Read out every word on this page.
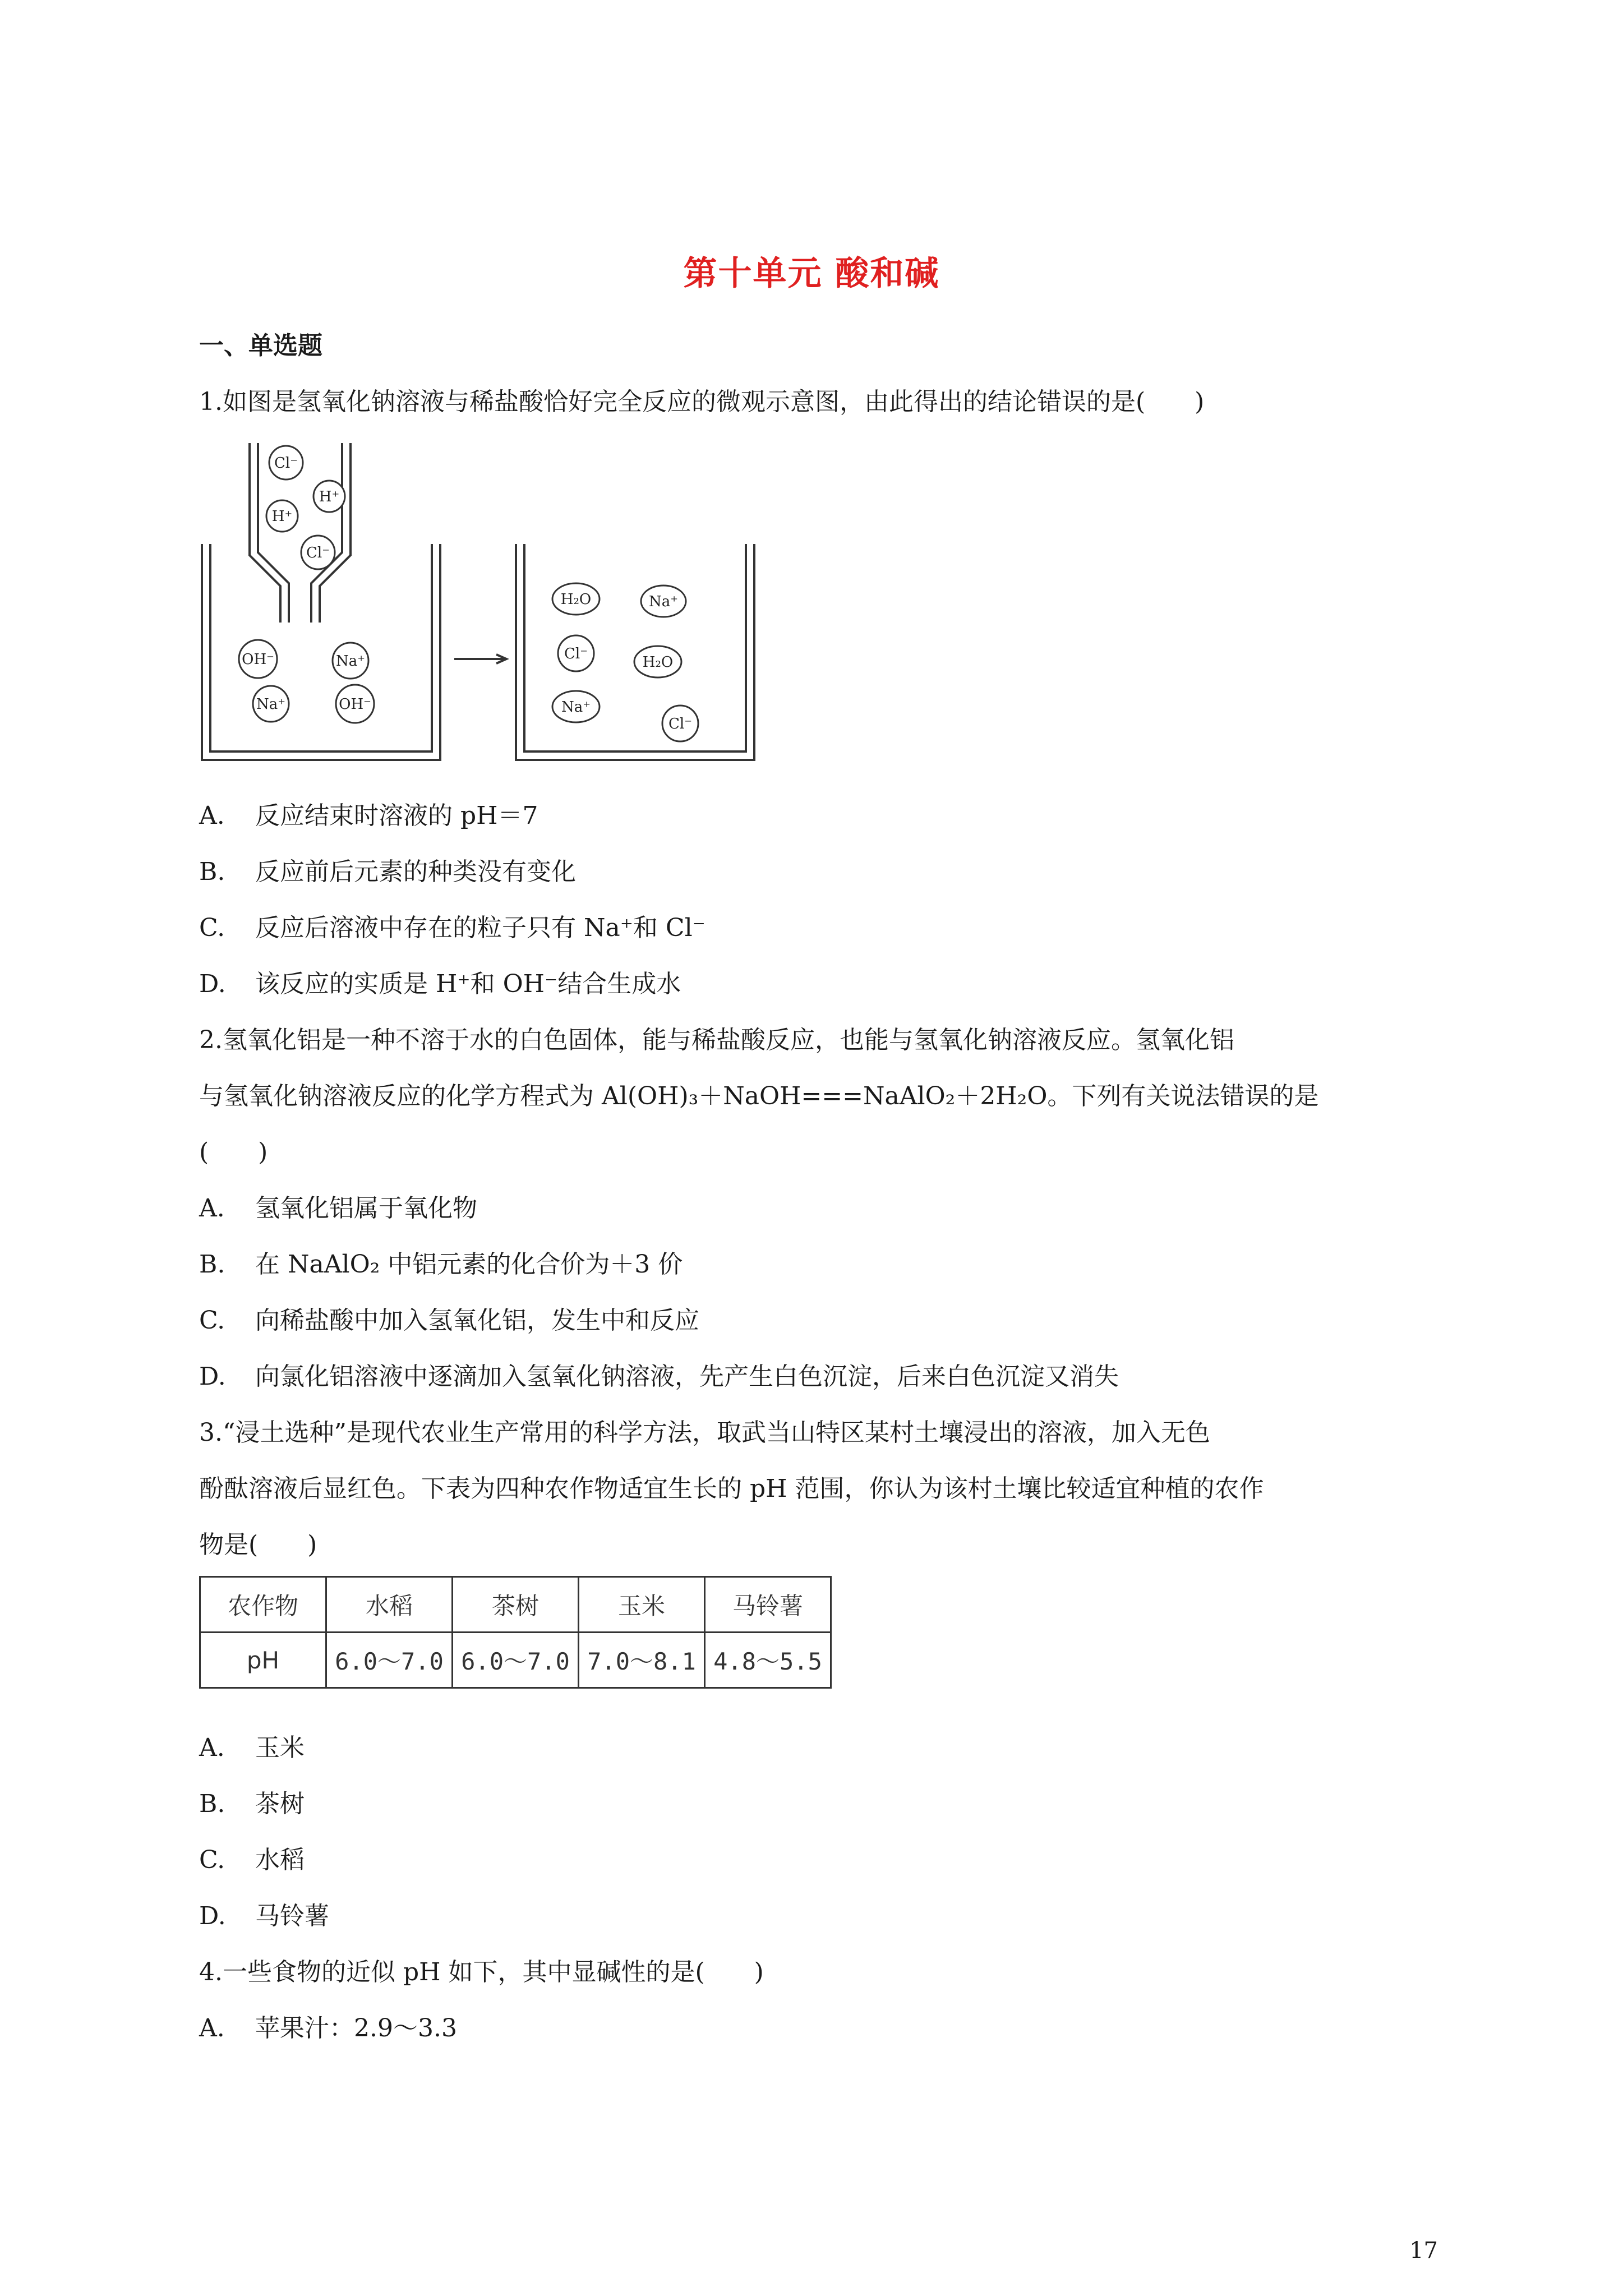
第十单元 酸和碱
一、单选题
1.如图是氢氧化钠溶液与稀盐酸恰好完全反应的微观示意图，由此得出的结论错误的是(　　)
Cl⁻
H⁺
H⁺
Cl⁻
OH⁻	Na⁺
Na⁺	OH⁻
H₂O	Na⁺
Cl⁻	H₂O
Na⁺
Cl⁻
A. 反应结束时溶液的 pH＝7
B. 反应前后元素的种类没有变化
C. 反应后溶液中存在的粒子只有 Na⁺和 Cl⁻
D. 该反应的实质是 H⁺和 OH⁻结合生成水
2.氢氧化铝是一种不溶于水的白色固体，能与稀盐酸反应，也能与氢氧化钠溶液反应。氢氧化铝
与氢氧化钠溶液反应的化学方程式为 Al(OH)₃＋NaOH===NaAlO₂＋2H₂O。下列有关说法错误的是
(　　)
A. 氢氧化铝属于氧化物
B. 在 NaAlO₂ 中铝元素的化合价为＋3 价
C. 向稀盐酸中加入氢氧化铝，发生中和反应
D. 向氯化铝溶液中逐滴加入氢氧化钠溶液，先产生白色沉淀，后来白色沉淀又消失
3.“浸土选种”是现代农业生产常用的科学方法，取武当山特区某村土壤浸出的溶液，加入无色
酚酞溶液后显红色。下表为四种农作物适宜生长的 pH 范围，你认为该村土壤比较适宜种植的农作
物是(　　)
农作物	水稻	茶树	玉米	马铃薯
pH	6.0～7.0	6.0～7.0	7.0～8.1	4.8～5.5
A. 玉米
B. 茶树
C. 水稻
D. 马铃薯
4.一些食物的近似 pH 如下，其中显碱性的是(　　)
A. 苹果汁：2.9～3.3
17
